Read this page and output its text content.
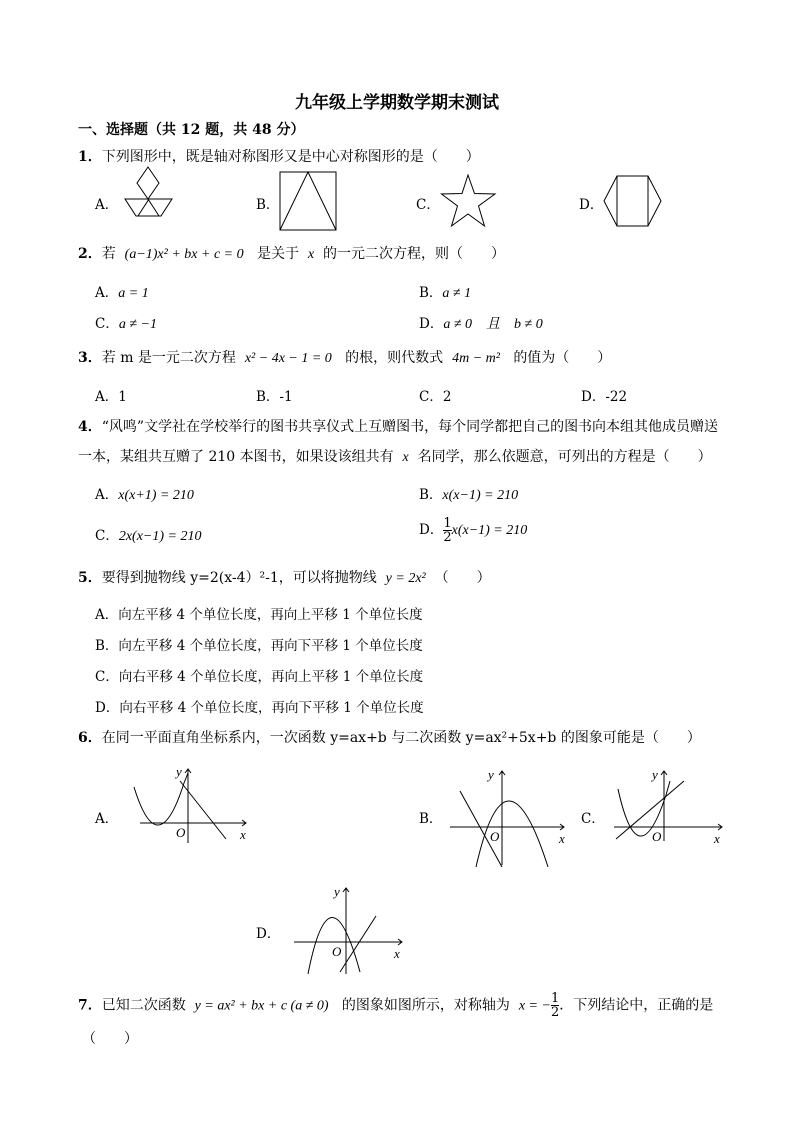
九年级上学期数学期末测试
一、选择题（共 12 题，共 48 分）
1．下列图形中，既是轴对称图形又是中心对称图形的是（　　）
A．	B．	C．	D．
2．若 (a−1)x² + bx + c = 0 是关于 x 的一元二次方程，则（　　）
A．a = 1	B．a ≠ 1
C．a ≠ −1	D．a ≠ 0　且　b ≠ 0
3．若 m 是一元二次方程 x² − 4x − 1 = 0 的根，则代数式 4m − m² 的值为（　　）
A．1	B．-1	C．2	D．-22
4．“风鸣”文学社在学校举行的图书共享仪式上互赠图书，每个同学都把自己的图书向本组其他成员赠送
一本，某组共互赠了 210 本图书，如果设该组共有 x 名同学，那么依题意，可列出的方程是（　　）
A．x(x+1) = 210	B．x(x−1) = 210
C．2x(x−1) = 210	D． $\frac{1}{2} x(x-1) = 210$
5．要得到抛物线 y=2(x-4）²-1，可以将抛物线 y = 2x² （　　）
A．向左平移 4 个单位长度，再向上平移 1 个单位长度
B．向左平移 4 个单位长度，再向下平移 1 个单位长度
C．向右平移 4 个单位长度，再向上平移 1 个单位长度
D．向右平移 4 个单位长度，再向下平移 1 个单位长度
6．在同一平面直角坐标系内，一次函数 y=ax+b 与二次函数 y=ax²+5x+b 的图象可能是（　　）
A．
y
x
O
B．
y
x
O
C．
y
x
O
D．
y
x
O
7．已知二次函数 y = ax² + bx + c (a ≠ 0) 的图象如图所示，对称轴为 x = − $\frac{1}{2}$ ．下列结论中，正确的是
（　　）
